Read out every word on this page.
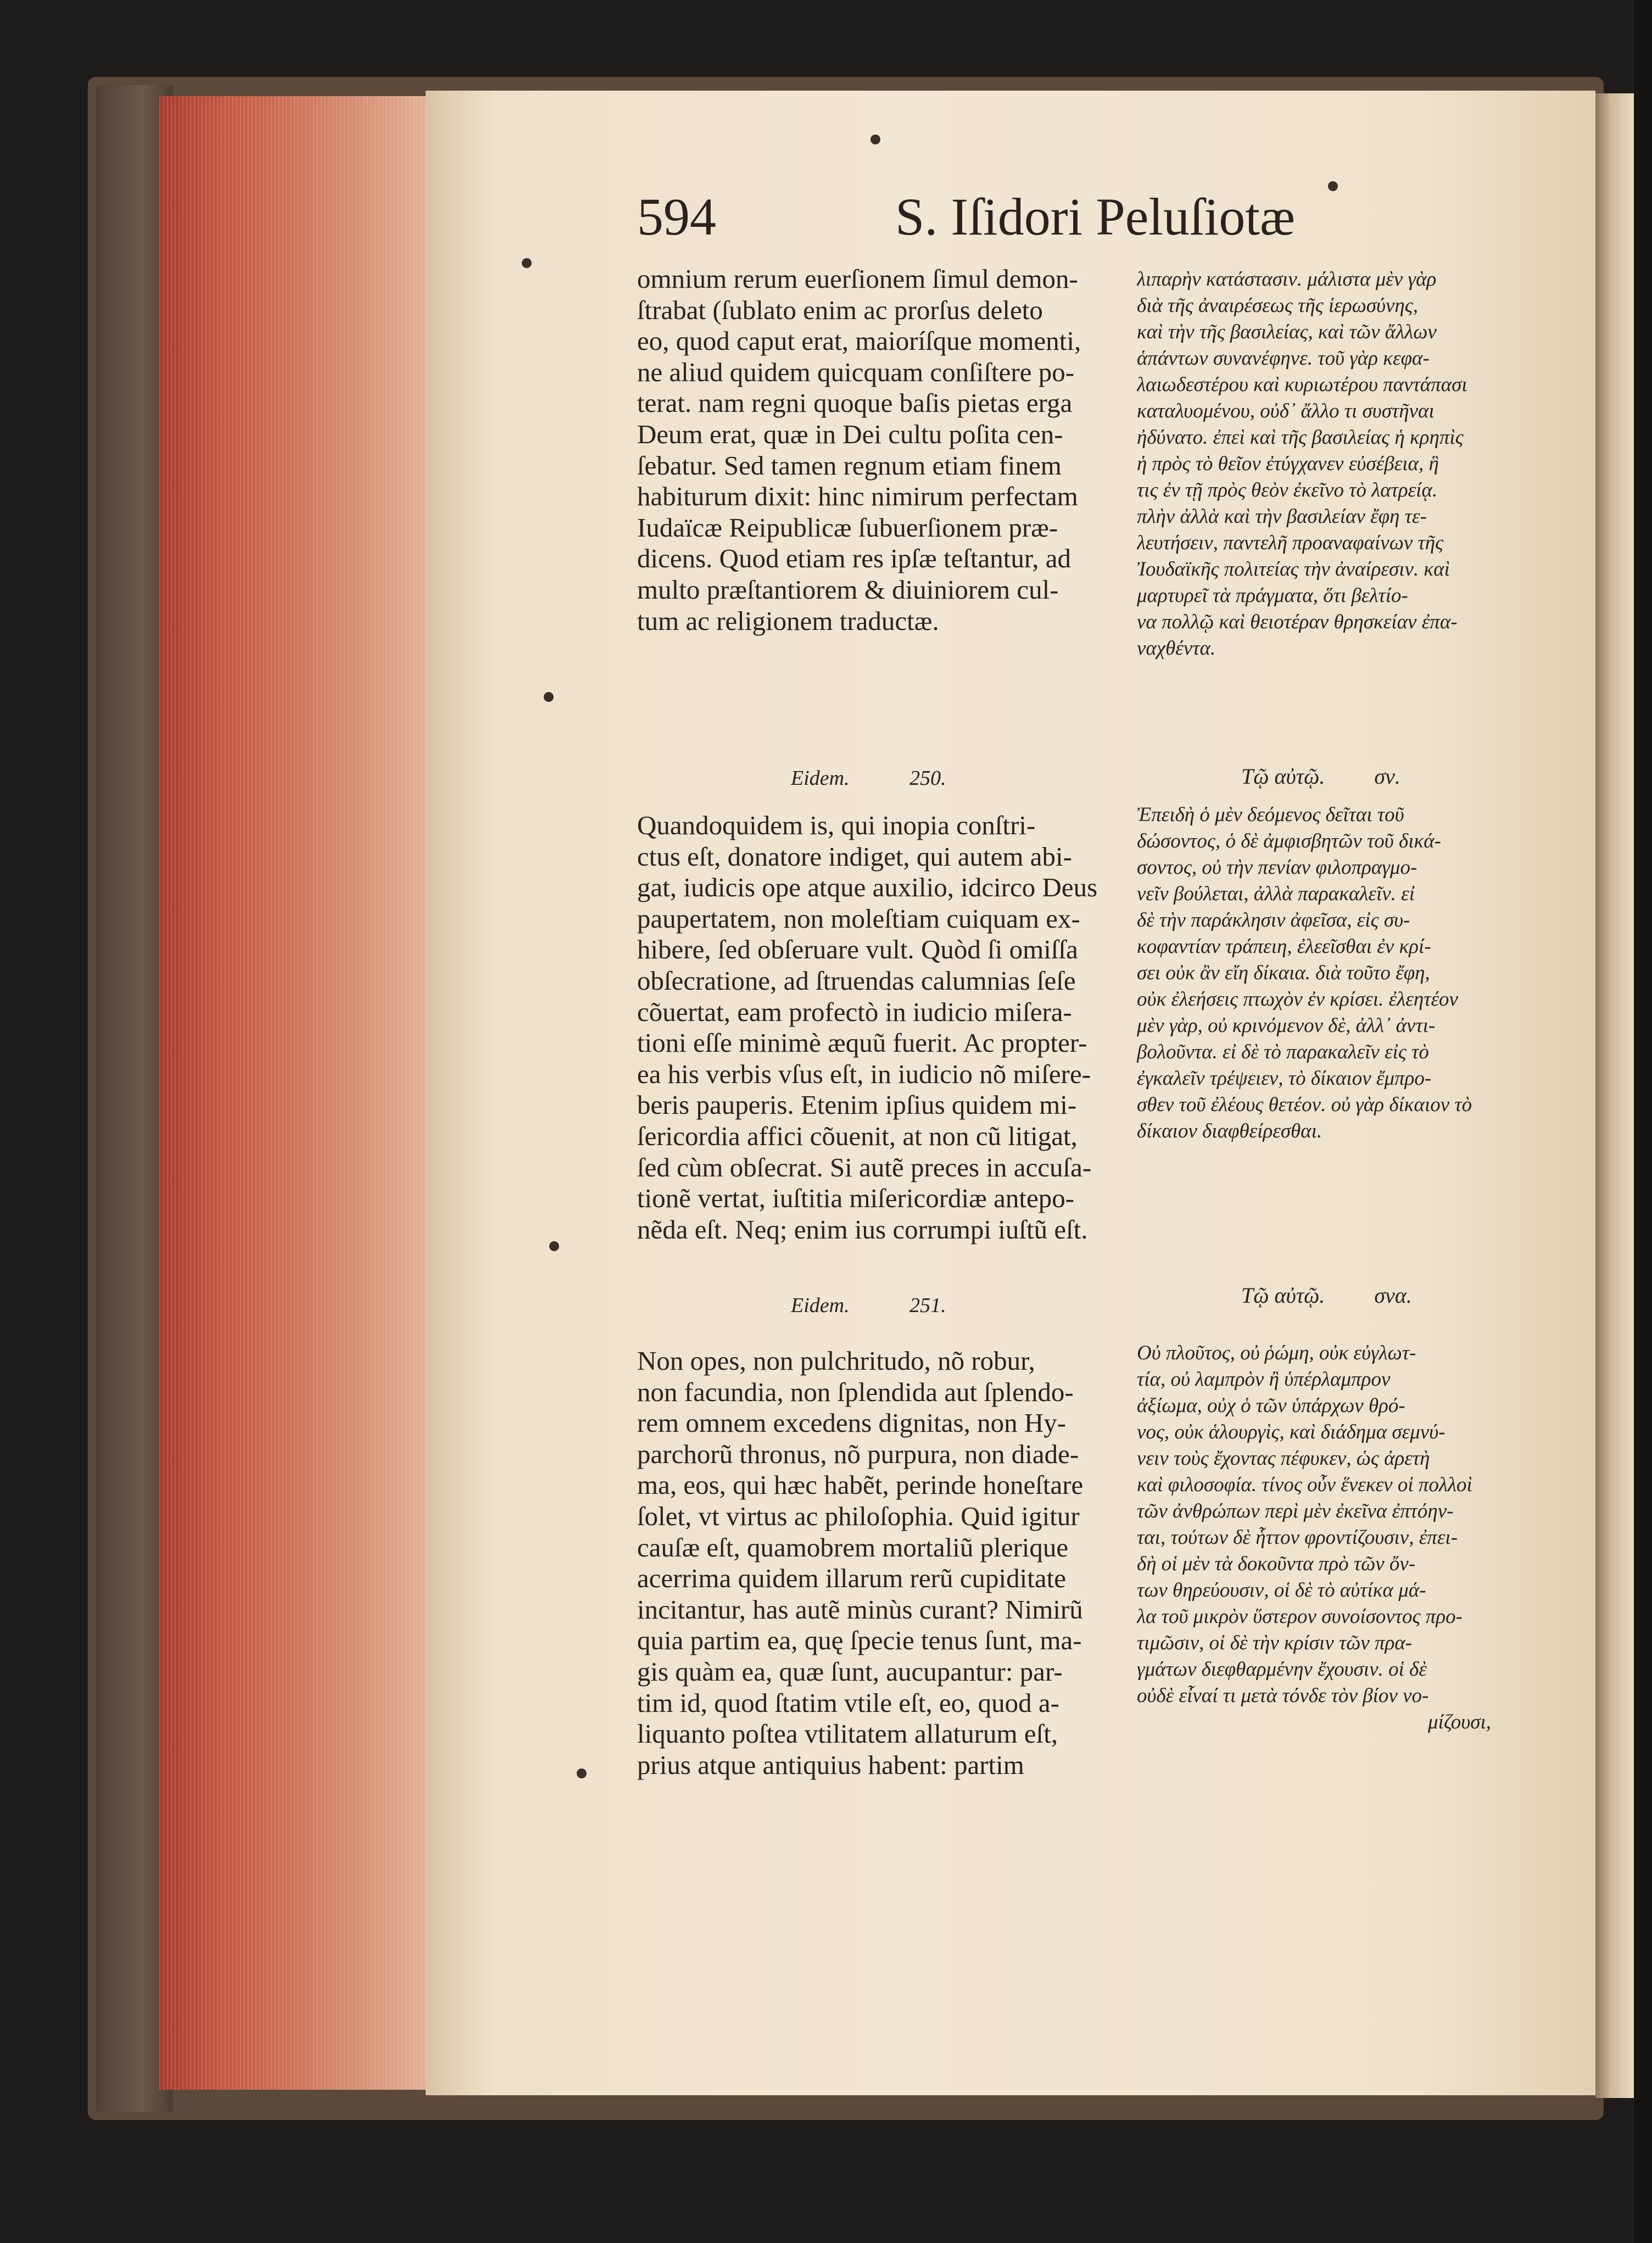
594	S. Iſidori Peluſiotæ
omnium rerum euerſionem ſimul demon-
ſtrabat (ſublato enim ac prorſus deleto
eo, quod caput erat, maioríſque momenti,
ne aliud quidem quicquam conſiſtere po-
terat. nam regni quoque baſis pietas erga
Deum erat, quæ in Dei cultu poſita cen-
ſebatur. Sed tamen regnum etiam finem
habiturum dixit: hinc nimirum perfectam
Iudaïcæ Reipublicæ ſubuerſionem præ-
dicens. Quod etiam res ipſæ teſtantur, ad
multo præſtantiorem & diuiniorem cul-
tum ac religionem traductæ.
λιπαρὴν κατάστασιν. μάλιστα μὲν γὰρ
διὰ τῆς ἀναιρέσεως τῆς ἱερωσύνης,
καὶ τὴν τῆς βασιλείας, καὶ τῶν ἄλλων
ἁπάντων συνανέφηνε. τοῦ γὰρ κεφα-
λαιωδεστέρου καὶ κυριωτέρου παντάπασι
καταλυομένου, οὐδ᾽ ἄλλο τι συστῆναι
ἠδύνατο. ἐπεὶ καὶ τῆς βασιλείας ἡ κρηπὶς
ἡ πρὸς τὸ θεῖον ἐτύγχανεν εὐσέβεια, ἣ
τις ἐν τῇ πρὸς θεὸν ἐκεῖνο τὸ λατρείᾳ.
πλὴν ἀλλὰ καὶ τὴν βασιλείαν ἔφη τε-
λευτήσειν, παντελῆ προαναφαίνων τῆς
Ἰουδαϊκῆς πολιτείας τὴν ἀναίρεσιν. καὶ
μαρτυρεῖ τὰ πράγματα, ὅτι βελτίο-
να πολλῷ καὶ θειοτέραν θρησκείαν ἐπα-
ναχθέντα.
Eidem.	250.	Τῷ αὐτῷ. σν.
Quandoquidem is, qui inopia conſtri-
ctus eſt, donatore indiget, qui autem abi-
gat, iudicis ope atque auxilio, idcirco Deus
paupertatem, non moleſtiam cuiquam ex-
hibere, ſed obſeruare vult. Quòd ſi omiſſa
obſecratione, ad ſtruendas calumnias ſeſe
cõuertat, eam profectò in iudicio miſera-
tioni eſſe minimè æquũ fuerit. Ac propter-
ea his verbis vſus eſt, in iudicio nõ miſere-
beris pauperis. Etenim ipſius quidem mi-
ſericordia affici cõuenit, at non cũ litigat,
ſed cùm obſecrat. Si autẽ preces in accuſa-
tionẽ vertat, iuſtitia miſericordiæ antepo-
nẽda eſt. Neq; enim ius corrumpi iuſtũ eſt.
Ἐπειδὴ ὁ μὲν δεόμενος δεῖται τοῦ
δώσοντος, ὁ δὲ ἀμφισβητῶν τοῦ δικά-
σοντος, οὐ τὴν πενίαν φιλοπραγμο-
νεῖν βούλεται, ἀλλὰ παρακαλεῖν. εἰ
δὲ τὴν παράκλησιν ἀφεῖσα, εἰς συ-
κοφαντίαν τράπειη, ἐλεεῖσθαι ἐν κρί-
σει οὐκ ἂν εἴη δίκαια. διὰ τοῦτο ἔφη,
οὐκ ἐλεήσεις πτωχὸν ἐν κρίσει. ἐλεητέον
μὲν γὰρ, οὐ κρινόμενον δὲ, ἀλλ᾽ ἀντι-
βολοῦντα. εἰ δὲ τὸ παρακαλεῖν εἰς τὸ
ἐγκαλεῖν τρέψειεν, τὸ δίκαιον ἔμπρο-
σθεν τοῦ ἐλέους θετέον. οὐ γὰρ δίκαιον τὸ
δίκαιον διαφθείρεσθαι.
Eidem.	251.	Τῷ αὐτῷ. σνα.
Non opes, non pulchritudo, nõ robur,
non facundia, non ſplendida aut ſplendo-
rem omnem excedens dignitas, non Hy-
parchorũ thronus, nõ purpura, non diade-
ma, eos, qui hæc habẽt, perinde honeſtare
ſolet, vt virtus ac philoſophia. Quid igitur
cauſæ eſt, quamobrem mortaliũ plerique
acerrima quidem illarum rerũ cupiditate
incitantur, has autẽ minùs curant? Nimirũ
quia partim ea, quę ſpecie tenus ſunt, ma-
gis quàm ea, quæ ſunt, aucupantur: par-
tim id, quod ſtatim vtile eſt, eo, quod a-
liquanto poſtea vtilitatem allaturum eſt,
prius atque antiquius habent: partim
Οὐ πλοῦτος, οὐ ῥώμη, οὐκ εὐγλωτ-
τία, οὐ λαμπρὸν ἢ ὑπέρλαμπρον
ἀξίωμα, οὐχ ὁ τῶν ὑπάρχων θρό-
νος, οὐκ ἁλουργὶς, καὶ διάδημα σεμνύ-
νειν τοὺς ἔχοντας πέφυκεν, ὡς ἀρετὴ
καὶ φιλοσοφία. τίνος οὖν ἕνεκεν οἱ πολλοὶ
τῶν ἀνθρώπων περὶ μὲν ἐκεῖνα ἐπτόην-
ται, τούτων δὲ ἧττον φροντίζουσιν, ἐπει-
δὴ οἱ μὲν τὰ δοκοῦντα πρὸ τῶν ὄν-
των θηρεύουσιν, οἱ δὲ τὸ αὐτίκα μά-
λα τοῦ μικρὸν ὕστερον συνοίσοντος προ-
τιμῶσιν, οἱ δὲ τὴν κρίσιν τῶν πρα-
γμάτων διεφθαρμένην ἔχουσιν. οἱ δὲ
οὐδὲ εἶναί τι μετὰ τόνδε τὸν βίον νο-
μίζουσι,
